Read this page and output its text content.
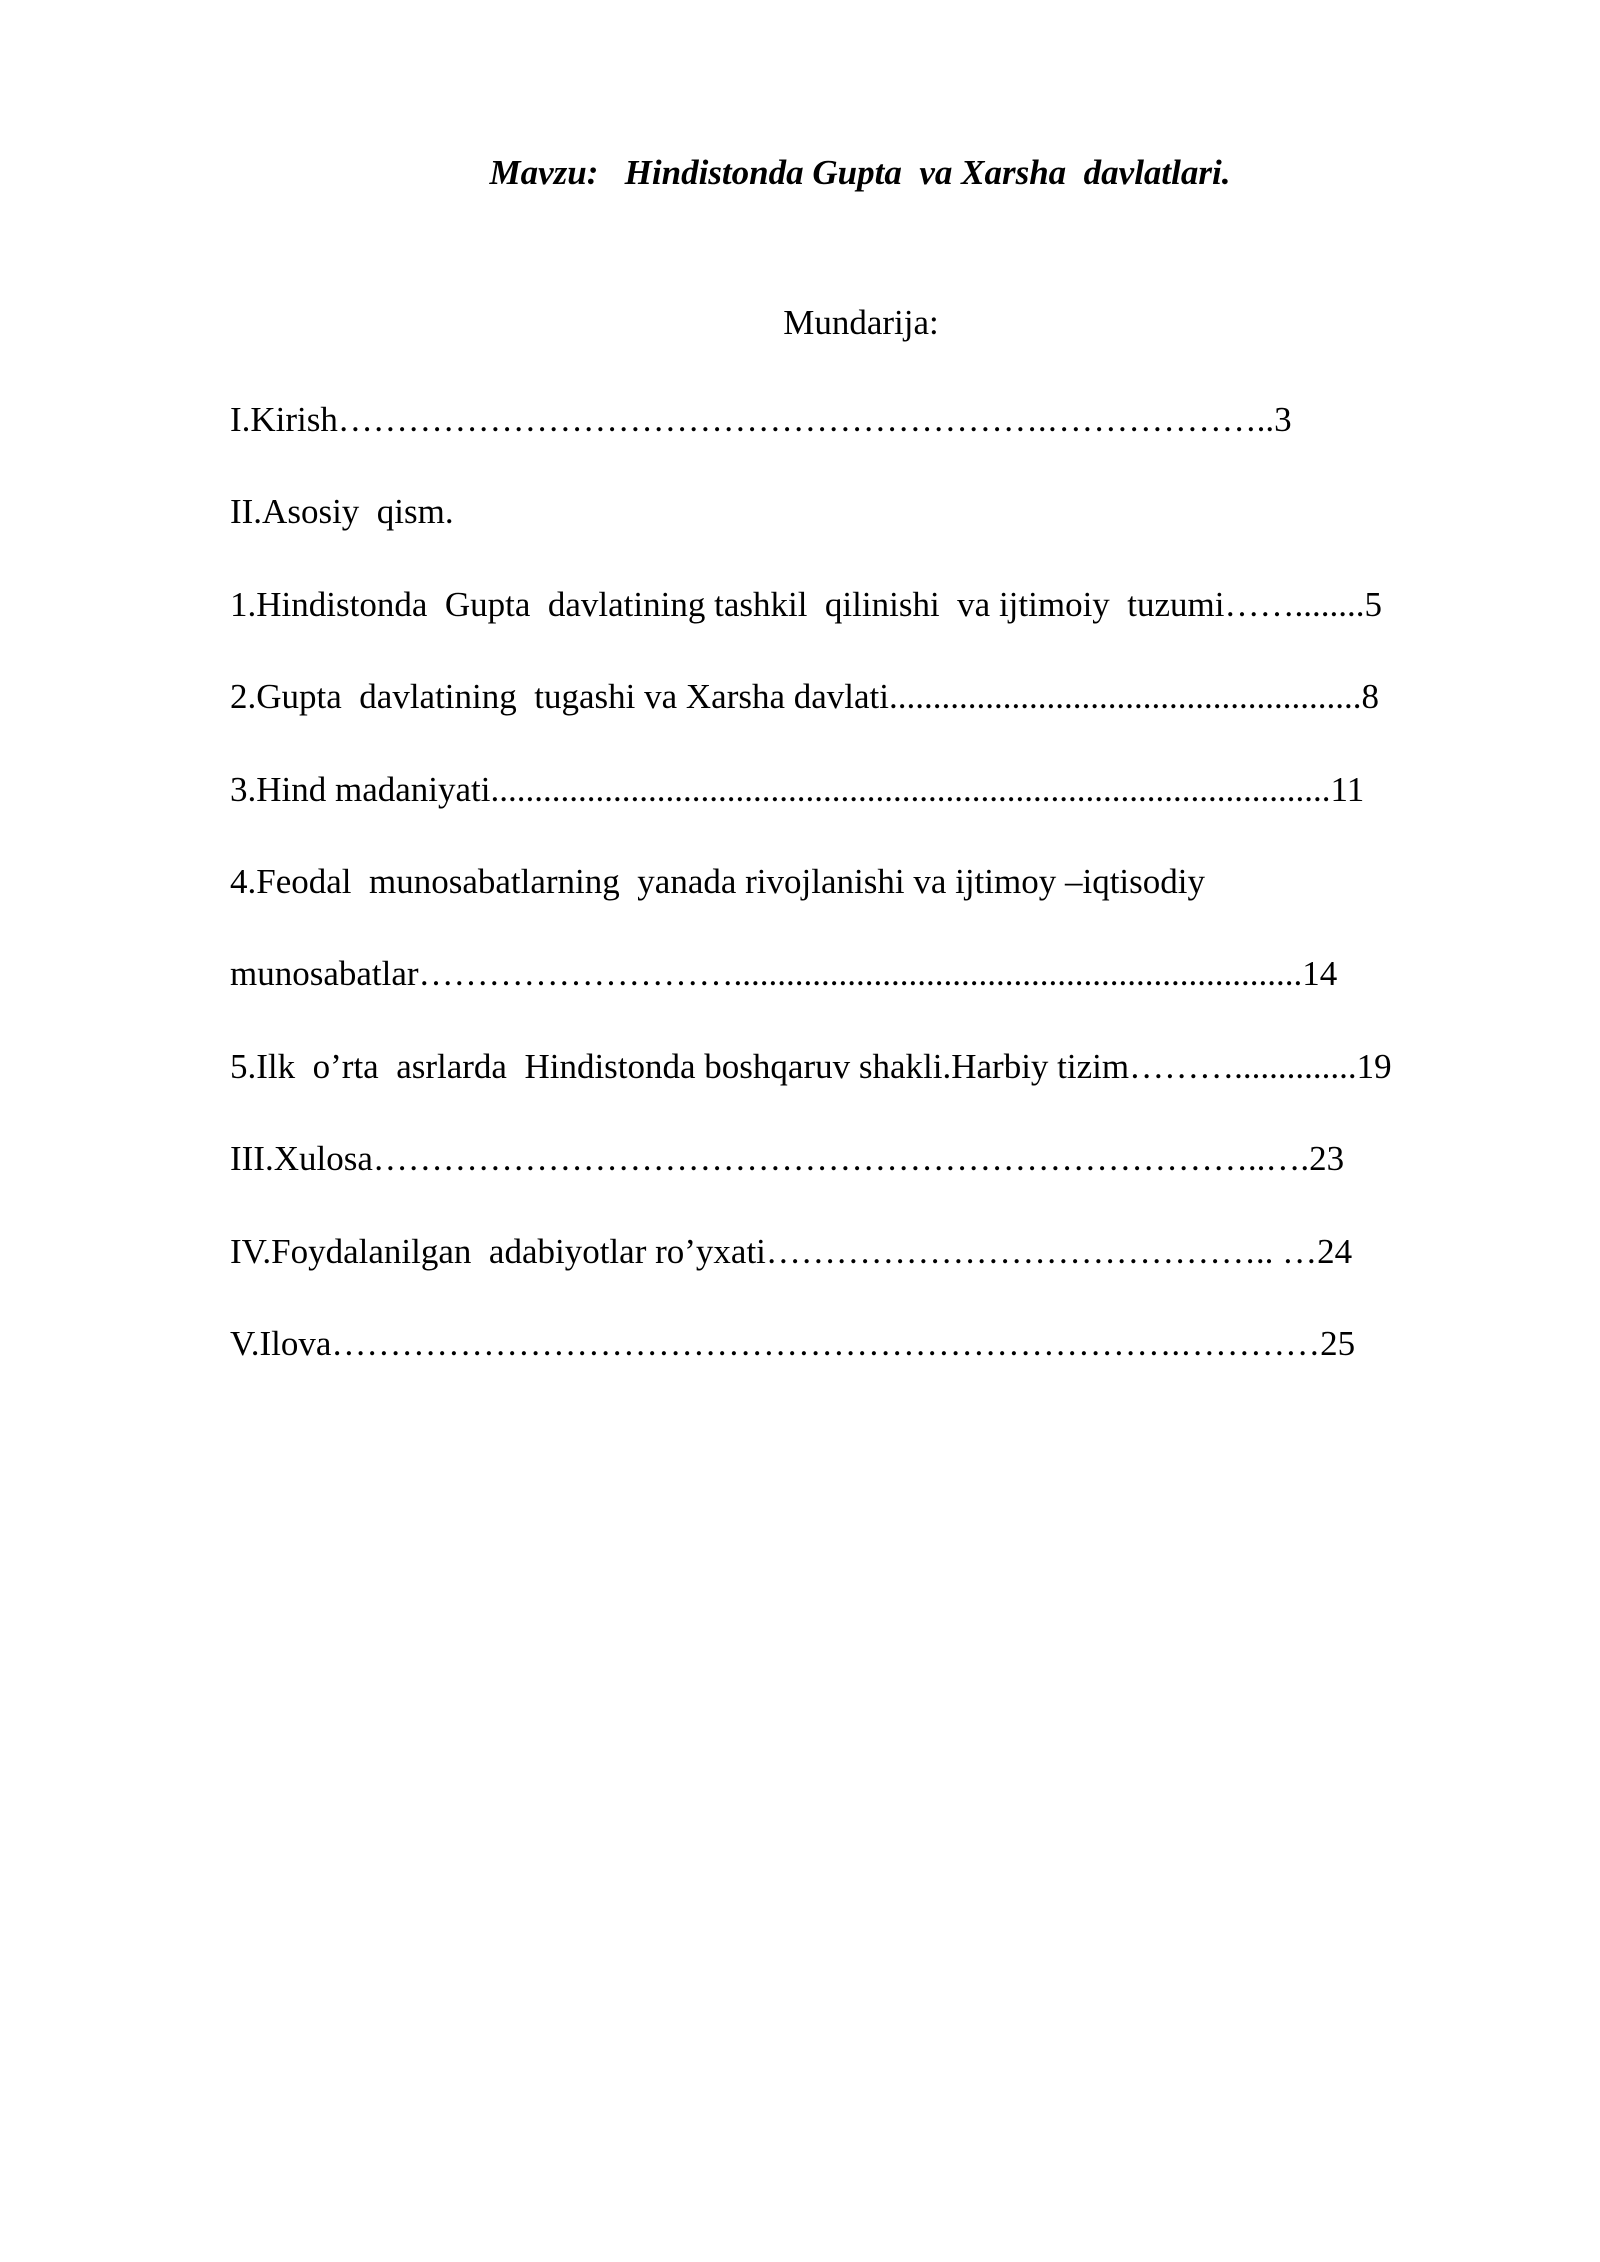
Mavzu:   Hindistonda Gupta  va Xarsha  davlatlari.
Mundarija:
I.Kirish…………………………………………………….………………..3
II.Asosiy  qism.
1.Hindistonda  Gupta  davlatining tashkil  qilinishi  va ijtimoiy  tuzumi……........5
2.Gupta  davlatining  tugashi va Xarsha davlati......................................................8
3.Hind madaniyati................................................................................................11
4.Feodal  munosabatlarning  yanada rivojlanishi va ijtimoy –iqtisodiy
munosabatlar……………………….................................................................14
5.Ilk  o’rta  asrlarda  Hindistonda boshqaruv shakli.Harbiy tizim………..............19
III.Xulosa…………………………………………………………………..….23
IV.Foydalanilgan  adabiyotlar ro’yxati…………………………………….. …24
V.Ilova……………………………………………………………….…………25
